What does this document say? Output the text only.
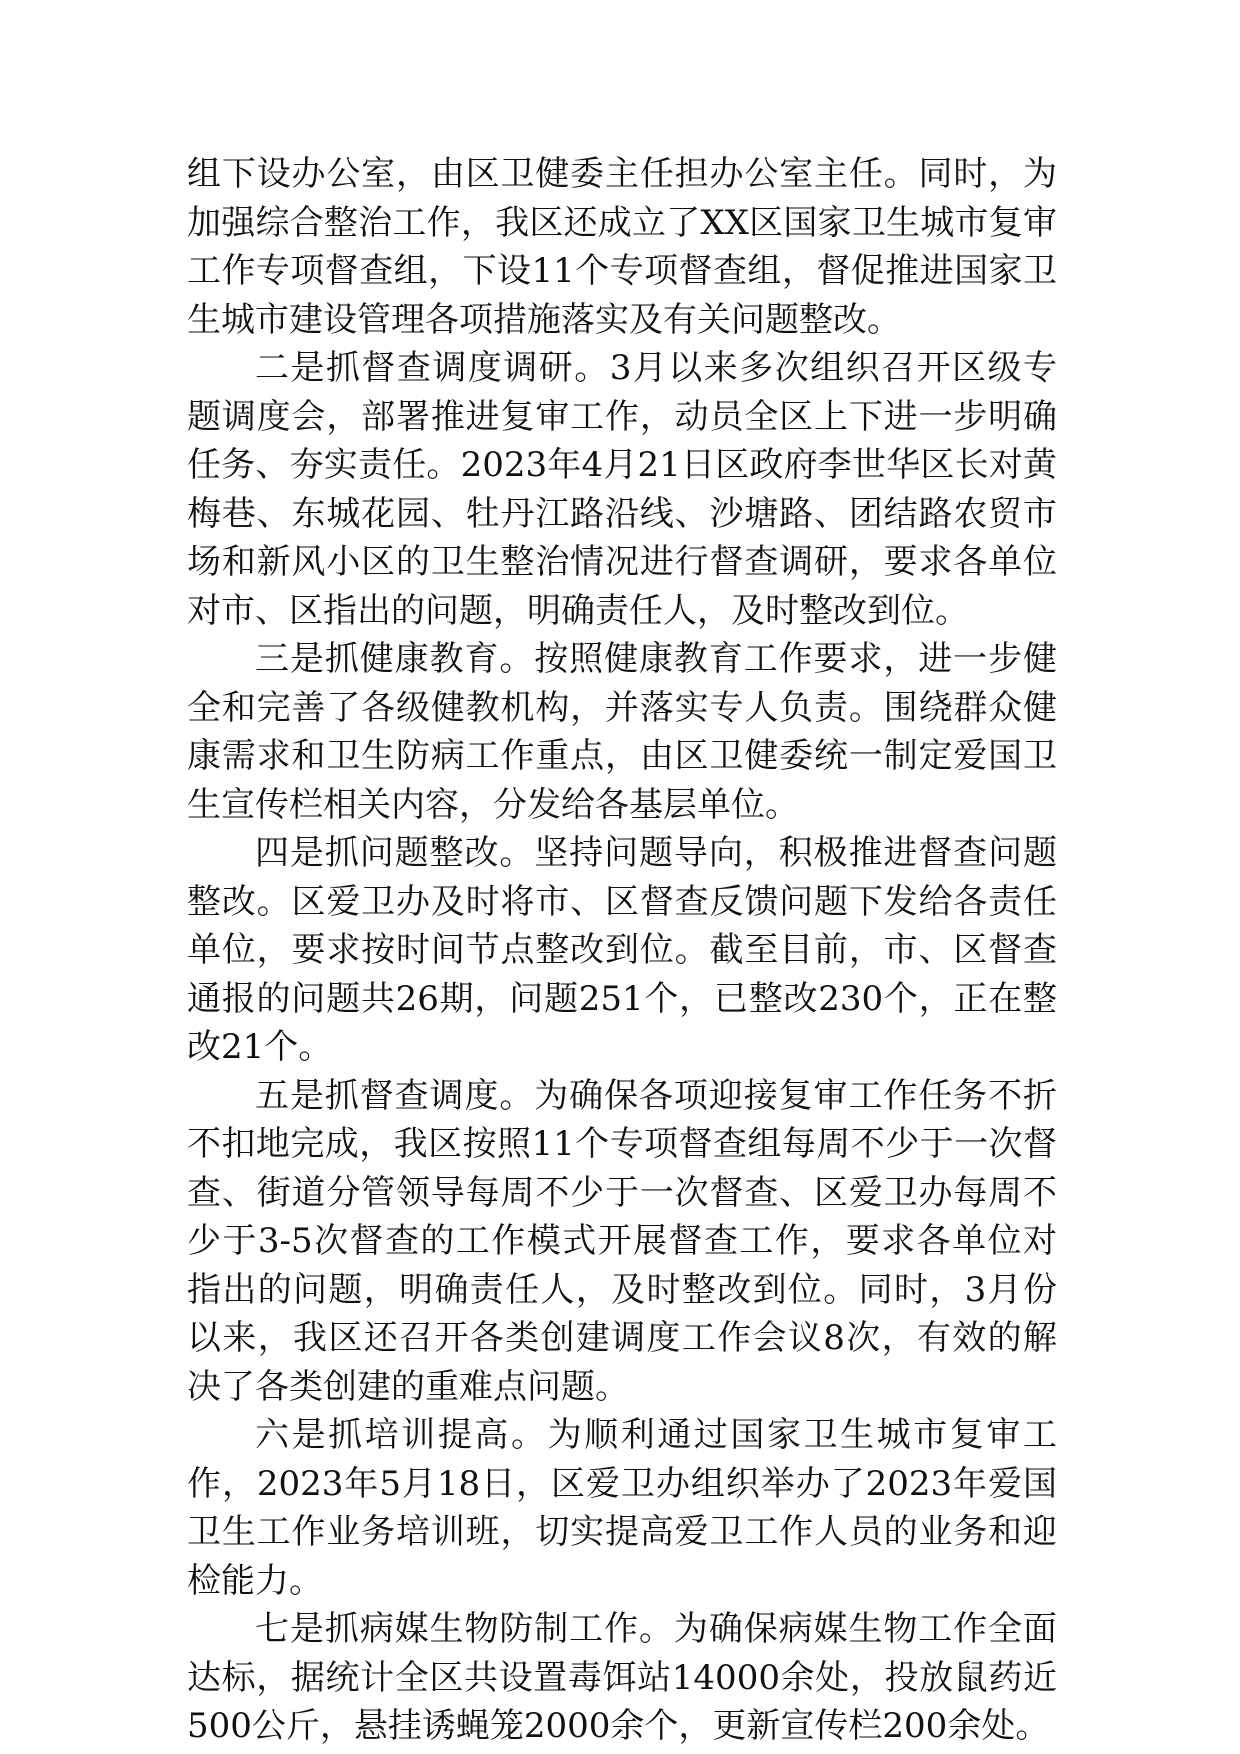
组下设办公室，由区卫健委主任担办公室主任。同时，为加强综合整治工作，我区还成立了XX区国家卫生城市复审工作专项督查组，下设11个专项督查组，督促推进国家卫生城市建设管理各项措施落实及有关问题整改。

二是抓督查调度调研。3月以来多次组织召开区级专题调度会，部署推进复审工作，动员全区上下进一步明确任务、夯实责任。2023年4月21日区政府李世华区长对黄梅巷、东城花园、牡丹江路沿线、沙塘路、团结路农贸市场和新风小区的卫生整治情况进行督查调研，要求各单位对市、区指出的问题，明确责任人，及时整改到位。

三是抓健康教育。按照健康教育工作要求，进一步健全和完善了各级健教机构，并落实专人负责。围绕群众健康需求和卫生防病工作重点，由区卫健委统一制定爱国卫生宣传栏相关内容，分发给各基层单位。

四是抓问题整改。坚持问题导向，积极推进督查问题整改。区爱卫办及时将市、区督查反馈问题下发给各责任单位，要求按时间节点整改到位。截至目前，市、区督查通报的问题共26期，问题251个，已整改230个，正在整改21个。

五是抓督查调度。为确保各项迎接复审工作任务不折不扣地完成，我区按照11个专项督查组每周不少于一次督查、街道分管领导每周不少于一次督查、区爱卫办每周不少于3-5次督查的工作模式开展督查工作，要求各单位对指出的问题，明确责任人，及时整改到位。同时，3月份以来，我区还召开各类创建调度工作会议8次，有效的解决了各类创建的重难点问题。

六是抓培训提高。为顺利通过国家卫生城市复审工作，2023年5月18日，区爱卫办组织举办了2023年爱国卫生工作业务培训班，切实提高爱卫工作人员的业务和迎检能力。

七是抓病媒生物防制工作。为确保病媒生物工作全面达标，据统计全区共设置毒饵站14000余处，投放鼠药近500公斤，悬挂诱蝇笼2000余个，更新宣传栏200余处。
